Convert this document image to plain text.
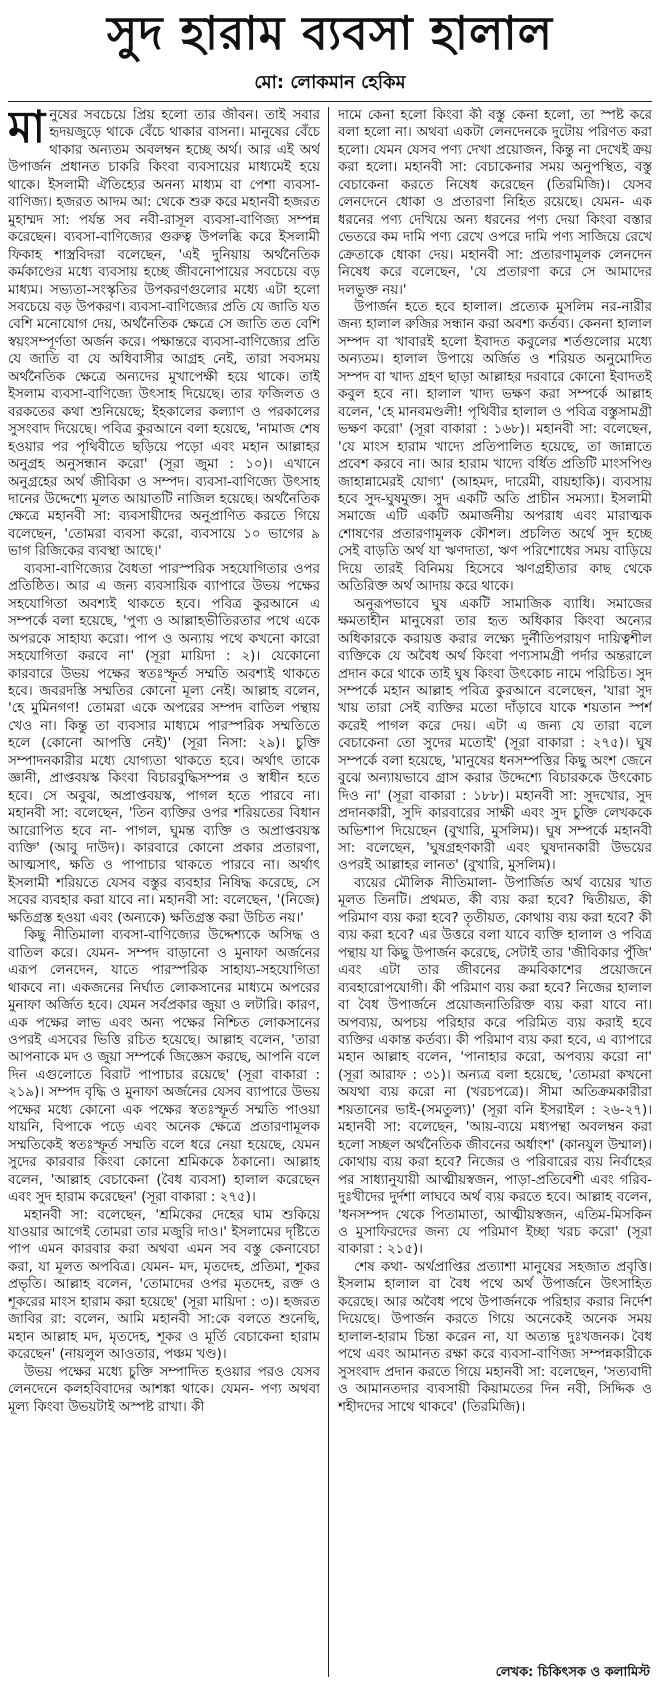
সুদ হারাম ব্যবসা হালাল
মো: লোকমান হেকিম

মানুষের সবচেয়ে প্রিয় হলো তার জীবন। তাই সবার হৃদয়জুড়ে থাকে বেঁচে থাকার বাসনা। মানুষের বেঁচে থাকার অন্যতম অবলম্বন হচ্ছে অর্থ। আর এই অর্থ উপার্জন প্রধানত চাকরি কিংবা ব্যবসায়ের মাধ্যমেই হয়ে থাকে। ইসলামী ঐতিহ্যের অনন্য মাধ্যম বা পেশা ব্যবসা-বাণিজ্য। হজরত আদম আ: থেকে শুরু করে মহানবী হজরত মুহাম্মদ সা: পর্যন্ত সব নবী-রাসূল ব্যবসা-বাণিজ্য সম্পন্ন করেছেন। ব্যবসা-বাণিজ্যের গুরুত্ব উপলব্ধি করে ইসলামী ফিকাহ শাস্ত্রবিদরা বলেছেন, 'এই দুনিয়ায় অর্থনৈতিক কর্মকাণ্ডের মধ্যে ব্যবসায় হচ্ছে জীবনোপায়ের সবচেয়ে বড় মাধ্যম। সভ্যতা-সংস্কৃতির উপকরণগুলোর মধ্যে এটা হলো সবচেয়ে বড় উপকরণ। ব্যবসা-বাণিজ্যের প্রতি যে জাতি যত বেশি মনোযোগ দেয়, অর্থনৈতিক ক্ষেত্রে সে জাতি তত বেশি স্বয়ংসম্পূর্ণতা অর্জন করে। পক্ষান্তরে ব্যবসা-বাণিজ্যের প্রতি যে জাতি বা যে অধিবাসীর আগ্রহ নেই, তারা সবসময় অর্থনৈতিক ক্ষেত্রে অন্যদের মুখাপেক্ষী হয়ে থাকে। তাই ইসলাম ব্যবসা-বাণিজ্যে উৎসাহ দিয়েছে। তার ফজিলত ও বরকতের কথা শুনিয়েছে; ইহকালের কল্যাণ ও পরকালের সুসংবাদ দিয়েছে। পবিত্র কুরআনে বলা হয়েছে, 'নামাজ শেষ হওয়ার পর পৃথিবীতে ছড়িয়ে পড়ো এবং মহান আল্লাহর অনুগ্রহ অনুসন্ধান করো' (সূরা জুমা : ১০)। এখানে অনুগ্রহের অর্থ জীবিকা ও সম্পদ। ব্যবসা-বাণিজ্যে উৎসাহ দানের উদ্দেশ্যে মূলত আয়াতটি নাজিল হয়েছে। অর্থনৈতিক ক্ষেত্রে মহানবী সা: ব্যবসায়ীদের অনুপ্রাণিত করতে গিয়ে বলেছেন, 'তোমরা ব্যবসা করো, ব্যবসায়ে ১০ ভাগের ৯ ভাগ রিজিকের ব্যবস্থা আছে।'

ব্যবসা-বাণিজ্যের বৈধতা পারস্পরিক সহযোগিতার ওপর প্রতিষ্ঠিত। আর এ জন্য ব্যবসায়িক ব্যাপারে উভয় পক্ষের সহযোগিতা অবশ্যই থাকতে হবে। পবিত্র কুরআনে এ সম্পর্কে বলা হয়েছে, 'পুণ্য ও আল্লাহভীতিরতার পথে একে অপরকে সাহায্য করো। পাপ ও অন্যায় পথে কখনো কারো সহযোগিতা করবে না' (সূরা মায়িদা : ২)। যেকোনো কারবারে উভয় পক্ষের স্বতঃস্ফূর্ত সম্মতি অবশ্যই থাকতে হবে। জবরদস্তি সম্মতির কোনো মূল্য নেই। আল্লাহ বলেন, 'হে মুমিনগণ! তোমরা একে অপরের সম্পদ বাতিল পন্থায় খেও না। কিন্তু তা ব্যবসার মাধ্যমে পারস্পরিক সম্মতিতে হলে (কোনো আপত্তি নেই)' (সূরা নিসা: ২৯)। চুক্তি সম্পাদনকারীর মধ্যে যোগ্যতা থাকতে হবে। অর্থাৎ তাকে জ্ঞানী, প্রাপ্তবয়স্ক কিংবা বিচারবুদ্ধিসম্পন্ন ও স্বাধীন হতে হবে। সে অবুঝ, অপ্রাপ্তবয়স্ক, পাগল হতে পারবে না। মহানবী সা: বলেছেন, 'তিন ব্যক্তির ওপর শরিয়তের বিধান আরোপিত হবে না- পাগল, ঘুমন্ত ব্যক্তি ও অপ্রাপ্তবয়স্ক ব্যক্তি' (আবু দাউদ)। কারবারে কোনো প্রকার প্রতারণা, আত্মসাৎ, ক্ষতি ও পাপাচার থাকতে পারবে না। অর্থাৎ ইসলামী শরিয়তে যেসব বস্তুর ব্যবহার নিষিদ্ধ করেছে, সে সবের ব্যবহার করা যাবে না। মহানবী সা: বলেছেন, '(নিজে) ক্ষতিগ্রস্ত হওয়া এবং (অন্যকে) ক্ষতিগ্রস্ত করা উচিত নয়।'

কিছু নীতিমালা ব্যবসা-বাণিজ্যের উদ্দেশ্যকে অসিদ্ধ ও বাতিল করে। যেমন- সম্পদ বাড়ানো ও মুনাফা অর্জনের এরূপ লেনদেন, যাতে পারস্পরিক সাহায্য-সহযোগিতা থাকবে না। একজনের নির্ঘাত লোকসানের মাধ্যমে অপরের মুনাফা অর্জিত হবে। যেমন সর্বপ্রকার জুয়া ও লটারি। কারণ, এক পক্ষের লাভ এবং অন্য পক্ষের নিশ্চিত লোকসানের ওপরই এসবের ভিত্তি রচিত হয়েছে। আল্লাহ বলেন, 'তারা আপনাকে মদ ও জুয়া সম্পর্কে জিজ্ঞেস করছে, আপনি বলে দিন এগুলোতে বিরাট পাপাচার রয়েছে' (সূরা বাকারা : ২১৯)। সম্পদ বৃদ্ধি ও মুনাফা অর্জনের যেসব ব্যাপারে উভয় পক্ষের মধ্যে কোনো এক পক্ষের স্বতঃস্ফূর্ত সম্মতি পাওয়া যায়নি, বিপাকে পড়ে এবং অনেক ক্ষেত্রে প্রতারণামূলক সম্মতিকেই স্বতঃস্ফূর্ত সম্মতি বলে ধরে নেয়া হয়েছে, যেমন সুদের কারবার কিংবা কোনো শ্রমিককে ঠকানো। আল্লাহ বলেন, 'আল্লাহ বেচাকেনা (বৈধ ব্যবসা) হালাল করেছেন এবং সুদ হারাম করেছেন' (সূরা বাকারা : ২৭৫)।

মহানবী সা: বলেছেন, 'শ্রমিকের দেহের ঘাম শুকিয়ে যাওয়ার আগেই তোমরা তার মজুরি দাও।' ইসলামের দৃষ্টিতে পাপ এমন কারবার করা অথবা এমন সব বস্তু কেনাবেচা করা, যা মূলত অপবিত্র। যেমন- মদ, মৃতদেহ, প্রতিমা, শূকর প্রভৃতি। আল্লাহ বলেন, 'তোমাদের ওপর মৃতদেহ, রক্ত ও শূকরের মাংস হারাম করা হয়েছে' (সূরা মায়িদা : ৩)। হজরত জাবির রা: বলেন, আমি মহানবী সা:কে বলতে শুনেছি, মহান আল্লাহ মদ, মৃতদেহ, শূকর ও মূর্তি বেচাকেনা হারাম করেছেন' (নায়লুল আওতার, পঞ্চম খণ্ড)।

উভয় পক্ষের মধ্যে চুক্তি সম্পাদিত হওয়ার পরও যেসব লেনদেনে কলহবিবাদের আশঙ্কা থাকে। যেমন- পণ্য অথবা মূল্য কিংবা উভয়টাই অস্পষ্ট রাখা। কী

দামে কেনা হলো কিংবা কী বস্তু কেনা হলো, তা স্পষ্ট করে বলা হলো না। অথবা একটা লেনদেনকে দুটোয় পরিণত করা হলো। যেমন যেসব পণ্য দেখা প্রয়োজন, কিন্তু না দেখেই ক্রয় করা হলো। মহানবী সা: বেচাকেনার সময় অনুপস্থিত, বস্তু বেচাকেনা করতে নিষেধ করেছেন (তিরমিজি)। যেসব লেনদেনে ধোকা ও প্রতারণা নিহিত রয়েছে। যেমন- এক ধরনের পণ্য দেখিয়ে অন্য ধরনের পণ্য দেয়া কিংবা বস্তার ভেতরে কম দামি পণ্য রেখে ওপরে দামি পণ্য সাজিয়ে রেখে ক্রেতাকে ধোকা দেয়। মহানবী সা: প্রতারণামূলক লেনদেন নিষেধ করে বলেছেন, 'যে প্রতারণা করে সে আমাদের দলভুক্ত নয়।'

উপার্জন হতে হবে হালাল। প্রত্যেক মুসলিম নর-নারীর জন্য হালাল রুজির সন্ধান করা অবশ্য কর্তব্য। কেননা হালাল সম্পদ বা খাবারই হলো ইবাদত কবুলের শর্তগুলোর মধ্যে অন্যতম। হালাল উপায়ে অর্জিত ও শরিয়ত অনুমোদিত সম্পদ বা খাদ্য গ্রহণ ছাড়া আল্লাহর দরবারে কোনো ইবাদতই কবুল হবে না। হালাল খাদ্য ভক্ষণ করা সম্পর্কে আল্লাহ বলেন, 'হে মানবমণ্ডলী! পৃথিবীর হালাল ও পবিত্র বস্তুসামগ্রী ভক্ষণ করো' (সূরা বাকারা : ১৬৮)। মহানবী সা: বলেছেন, 'যে মাংস হারাম খাদ্যে প্রতিপালিত হয়েছে, তা জান্নাতে প্রবেশ করবে না। আর হারাম খাদ্যে বর্ধিত প্রতিটি মাংসপিণ্ড জাহান্নামেরই যোগ্য' (আহমদ, দারেমী, বায়হাকি)। ব্যবসায় হবে সুদ-ঘুষমুক্ত। সুদ একটি অতি প্রাচীন সমস্যা। ইসলামী সমাজে এটি একটি অমার্জনীয় অপরাধ এবং মারাত্মক শোষণের প্রতারণামূলক কৌশল। প্রচলিত অর্থে সুদ হচ্ছে সেই বাড়তি অর্থ যা ঋণদাতা, ঋণ পরিশোধের সময় বাড়িয়ে দিয়ে তারই বিনিময় হিসেবে ঋণগ্রহীতার কাছ থেকে অতিরিক্ত অর্থ আদায় করে থাকে।

অনুরূপভাবে ঘুষ একটি সামাজিক ব্যাধি। সমাজের ক্ষমতাহীন মানুষেরা তার হৃত অধিকার কিংবা অন্যের অধিকারকে করায়ত্ত করার লক্ষ্যে দুর্নীতিপরায়ণ দায়িত্বশীল ব্যক্তিকে যে অবৈধ অর্থ কিংবা পণ্যসামগ্রী পর্দার অন্তরালে প্রদান করে থাকে তাই ঘুষ কিংবা উৎকোচ নামে পরিচিত। সুদ সম্পর্কে মহান আল্লাহ পবিত্র কুরআনে বলেছেন, 'যারা সুদ খায় তারা সেই ব্যক্তির মতো দাঁড়াবে যাকে শয়তান স্পর্শ করেই পাগল করে দেয়। এটা এ জন্য যে তারা বলে বেচাকেনা তো সুদের মতোই' (সূরা বাকারা : ২৭৫)। ঘুষ সম্পর্কে বলা হয়েছে, 'মানুষের ধনসম্পত্তির কিছু অংশ জেনে বুঝে অন্যায়ভাবে গ্রাস করার উদ্দেশ্যে বিচারককে উৎকোচ দিও না' (সূরা বাকারা : ১৮৮)। মহানবী সা: সুদখোর, সুদ প্রদানকারী, সুদি কারবারের সাক্ষী এবং সুদ চুক্তি লেখককে অভিশাপ দিয়েছেন (বুখারি, মুসলিম)। ঘুষ সম্পর্কে মহানবী সা: বলেছেন, 'ঘুষগ্রহণকারী এবং ঘুষদানকারী উভয়ের ওপরই আল্লাহর লানত' (বুখারি, মুসলিম)।

ব্যয়ের মৌলিক নীতিমালা- উপার্জিত অর্থ ব্যয়ের খাত মূলত তিনটি। প্রথমত, কী ব্যয় করা হবে? দ্বিতীয়ত, কী পরিমাণ ব্যয় করা হবে? তৃতীয়ত, কোথায় ব্যয় করা হবে? কী ব্যয় করা হবে? এর উত্তরে বলা যাবে ব্যক্তি হালাল ও পবিত্র পন্থায় যা কিছু উপার্জন করেছে, সেটাই তার 'জীবিকার পুঁজি' এবং এটা তার জীবনের ক্রমবিকাশের প্রয়োজনে ব্যবহারোপযোগী। কী পরিমাণ ব্যয় করা হবে? নিজের হালাল বা বৈধ উপার্জনে প্রয়োজনাতিরিক্ত ব্যয় করা যাবে না। অপব্যয়, অপচয় পরিহার করে পরিমিত ব্যয় করাই হবে ব্যক্তির একান্ত কর্তব্য। কী পরিমাণ ব্যয় করা হবে, এ ব্যাপারে মহান আল্লাহ বলেন, 'পানাহার করো, অপব্যয় করো না' (সূরা আরাফ : ৩১)। অন্যত্র বলা হয়েছে, 'তোমরা কখনো অযথা ব্যয় করো না (খরচপত্রে)। সীমা অতিক্রমকারীরা শয়তানের ভাই-(সমতুল্য)' (সূরা বনি ইসরাইল : ২৬-২৭)। মহানবী সা: বলেছেন, 'আয়-ব্যয়ে মধ্যপন্থা অবলম্বন করা হলো সচ্ছল অর্থনৈতিক জীবনের অর্ধাংশ' (কানযুল উম্মাল)। কোথায় ব্যয় করা হবে? নিজের ও পরিবারের ব্যয় নির্বাহের পর সাধ্যানুযায়ী আত্মীয়স্বজন, পাড়া-প্রতিবেশী এবং গরিব-দুঃখীদের দুর্দশা লাঘবে অর্থ ব্যয় করতে হবে। আল্লাহ বলেন, 'ধনসম্পদ থেকে পিতামাতা, আত্মীয়স্বজন, এতিম-মিসকিন ও মুসাফিরদের জন্য যে পরিমাণ ইচ্ছা খরচ করো' (সূরা বাকারা : ২১৫)।

শেষ কথা- অর্থপ্রাপ্তির প্রত্যাশা মানুষের সহজাত প্রবৃত্তি। ইসলাম হালাল বা বৈধ পথে অর্থ উপার্জনে উৎসাহিত করেছে। আর অবৈধ পথে উপার্জনকে পরিহার করার নির্দেশ দিয়েছে। উপার্জন করতে গিয়ে অনেকেই অনেক সময় হালাল-হারাম চিন্তা করেন না, যা অত্যন্ত দুঃখজনক। বৈধ পথে এবং আমানত রক্ষা করে ব্যবসা-বাণিজ্য সম্পন্নকারীকে সুসংবাদ প্রদান করতে গিয়ে মহানবী সা: বলেছেন, 'সত্যবাদী ও আমানতদার ব্যবসায়ী কিয়ামতের দিন নবী, সিদ্দিক ও শহীদদের সাথে থাকবে' (তিরমিজি)।

লেখক: চিকিৎসক ও কলামিস্ট
